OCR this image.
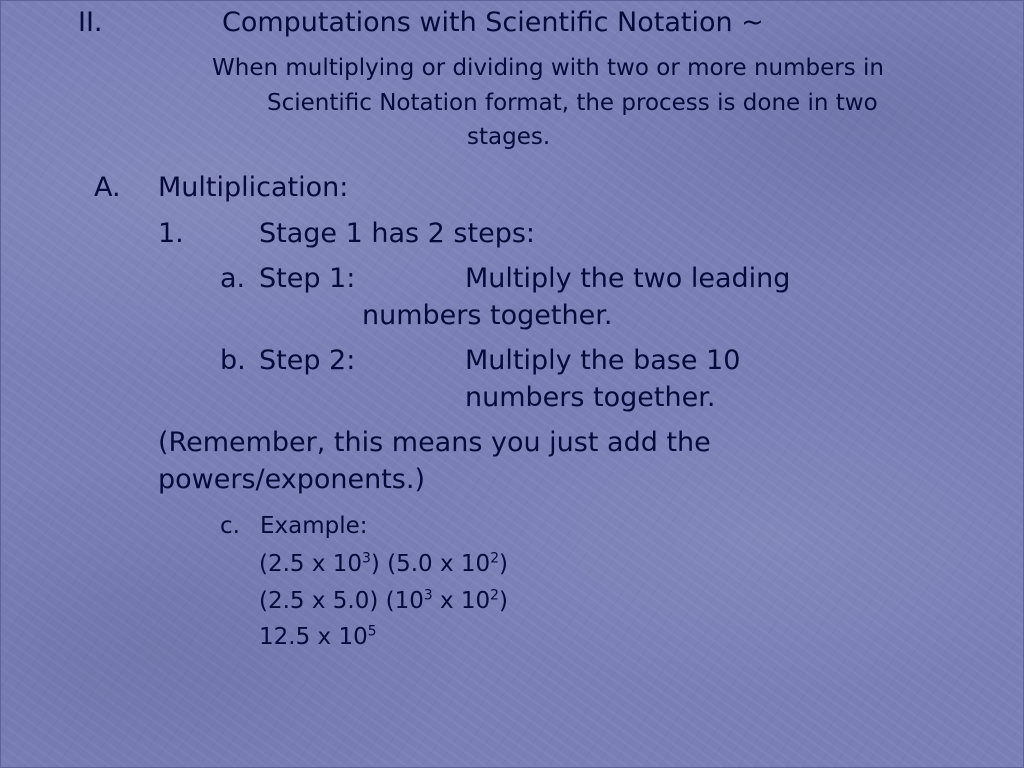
II.	Computations with Scientific Notation ~
When multiplying or dividing with two or more numbers in
Scientific Notation format, the process is done in two
stages.
A. Multiplication:
1.	Stage 1 has 2 steps:
a. Step 1:	Multiply the two leading
numbers together.
b. Step 2:	Multiply the base 10
numbers together.
(Remember, this means you just add the
powers/exponents.)
c. Example:
(2.5 x $10^3$) (5.0 x $10^2$)
(2.5 x 5.0) ($10^3$ x $10^2$)
12.5 x $10^5$
